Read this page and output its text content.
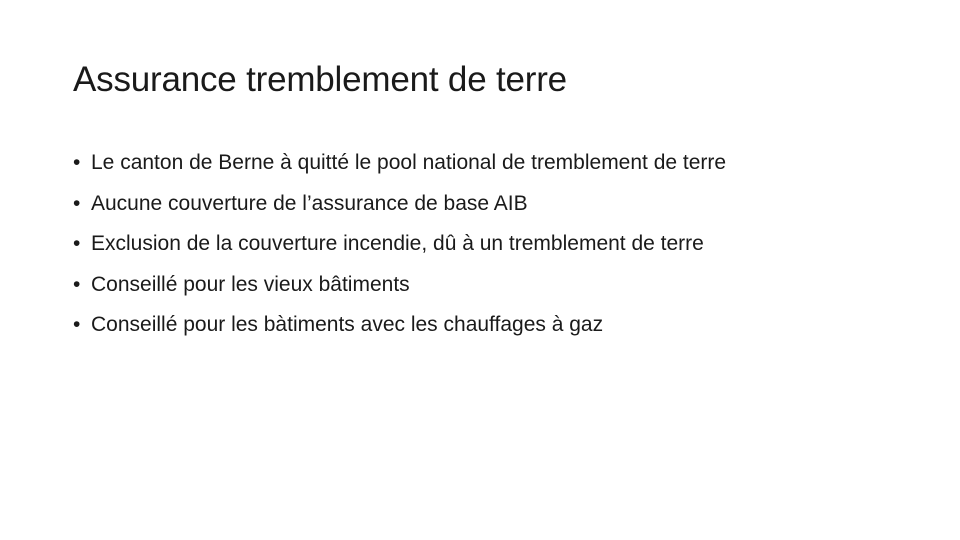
Assurance tremblement de terre
• Le canton de Berne à quitté le pool national de tremblement de terre
• Aucune couverture de l’assurance de base AIB
• Exclusion de la couverture incendie, dû à un tremblement de terre
• Conseillé pour les vieux bâtiments
• Conseillé pour les bàtiments avec les chauffages à gaz
